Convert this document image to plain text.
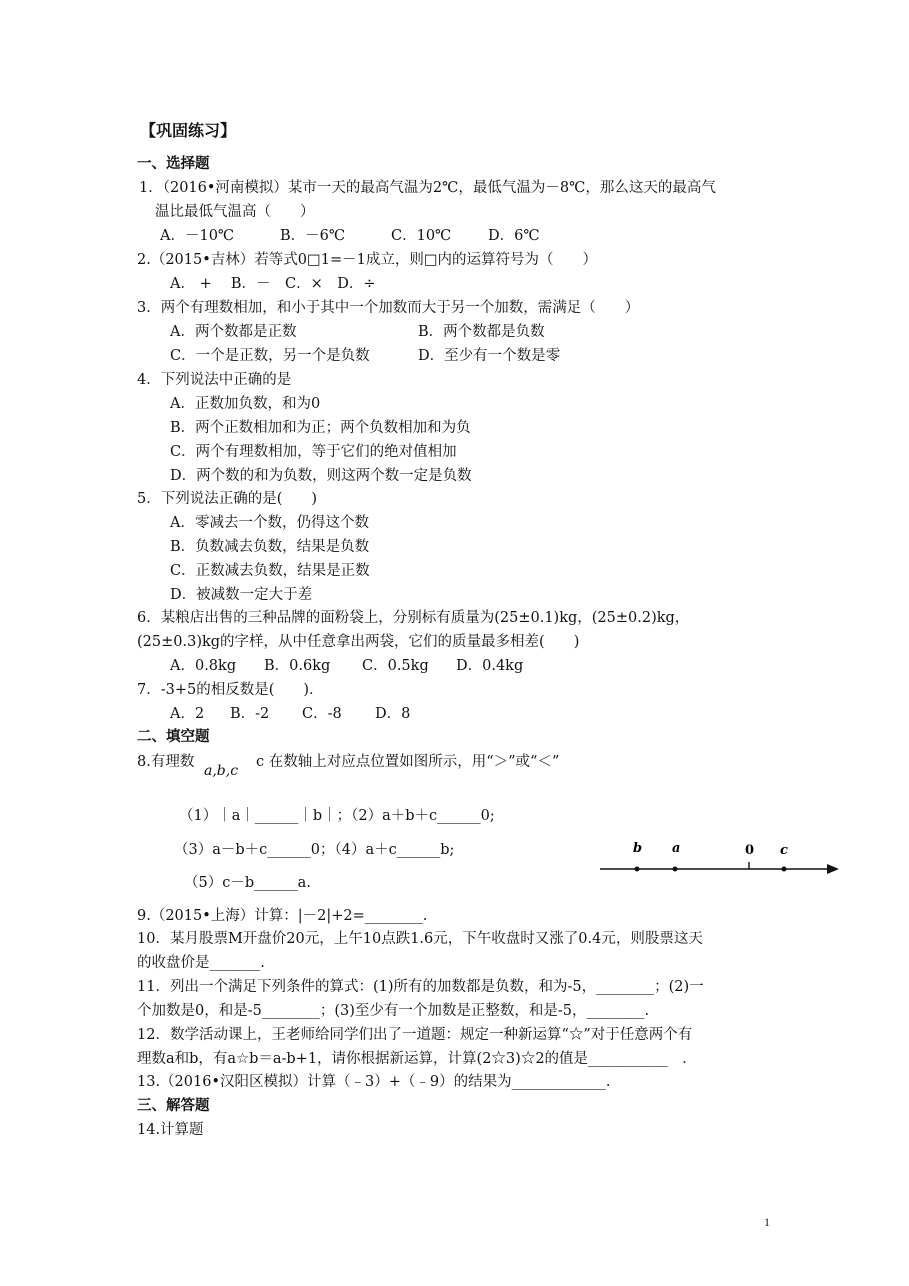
【巩固练习】
一、选择题
1．（2016•河南模拟）某市一天的最高气温为2℃，最低气温为－8℃，那么这天的最高气
温比最低气温高（　　）
A．－10℃	B．－6℃	C．10℃	D．6℃
2.（2015•吉林）若等式0□1=－1成立，则□内的运算符号为（　　）
A． +　 B．－　C．×　D．÷
3．两个有理数相加，和小于其中一个加数而大于另一个加数，需满足（　　）
A．两个数都是正数	B．两个数都是负数
C．一个是正数，另一个是负数	D．至少有一个数是零
4．下列说法中正确的是
A．正数加负数，和为0
B．两个正数相加和为正；两个负数相加和为负
C．两个有理数相加，等于它们的绝对值相加
D．两个数的和为负数，则这两个数一定是负数
5．下列说法正确的是(　　)
A．零减去一个数，仍得这个数
B．负数减去负数，结果是负数
C．正数减去负数，结果是正数
D．被减数一定大于差
6．某粮店出售的三种品牌的面粉袋上，分别标有质量为(25±0.1)kg，(25±0.2)kg，
(25±0.3)kg的字样，从中任意拿出两袋，它们的质量最多相差(　　)
A．0.8kg B．0.6kg C．0.5kg D．0.4kg
7．-3+5的相反数是(　　)．
A．2 B．-2 C．-8 D．8
二、填空题
8.有理数
a,b,c
c 在数轴上对应点位置如图所示，用“＞”或“＜”
（1）｜a｜______｜b｜；（2）a＋b＋c______0;
（3）a－b＋c______0；（4）a＋c______b;
（5）c－b______a.
b a	0 c
9.（2015•上海）计算：|－2|+2=________.
10．某月股票M开盘价20元，上午10点跌1.6元，下午收盘时又涨了0.4元，则股票这天
的收盘价是_______.
11．列出一个满足下列条件的算式：(1)所有的加数都是负数，和为-5，________；(2)一
个加数是0，和是-5________；(3)至少有一个加数是正整数，和是-5，________.
12．数学活动课上，王老师给同学们出了一道题：规定一种新运算“☆”对于任意两个有
理数a和b，有a☆b＝a-b+1，请你根据新运算，计算(2☆3)☆2的值是___________　．
13.（2016•汉阳区模拟）计算（﹣3）+（﹣9）的结果为_____________.
三、解答题
14.计算题
1
